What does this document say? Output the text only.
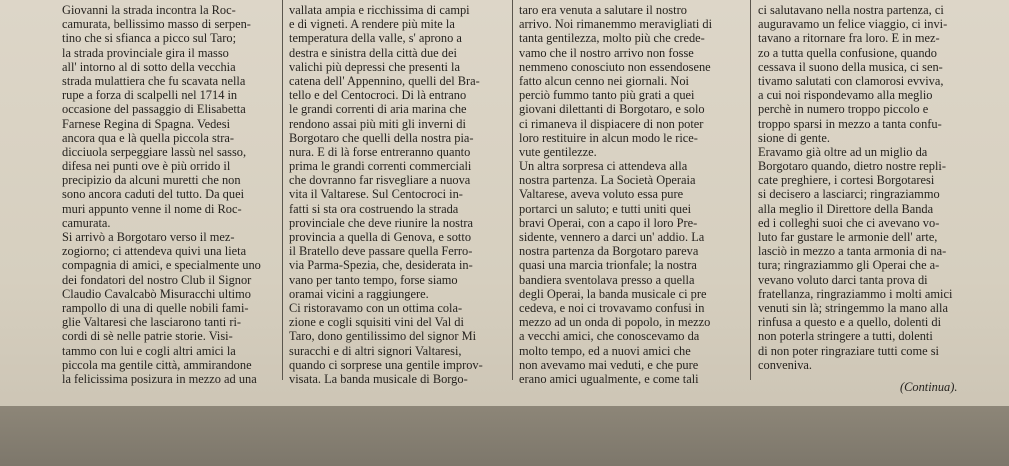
Giovanni la strada incontra la Roc-
camurata, bellissimo masso di serpen-
tino che si sfianca a picco sul Taro;
la strada provinciale gira il masso
all' intorno al di sotto della vecchia
strada mulattiera che fu scavata nella
rupe a forza di scalpelli nel 1714 in
occasione del passaggio di Elisabetta
Farnese Regina di Spagna. Vedesi
ancora qua e là quella piccola stra-
dicciuola serpeggiare lassù nel sasso,
difesa nei punti ove è più orrido il
precipizio da alcuni muretti che non
sono ancora caduti del tutto. Da quei
muri appunto venne il nome di Roc-
camurata.
Si arrivò a Borgotaro verso il mez-
zogiorno; ci attendeva quivi una lieta
compagnia di amici, e specialmente uno
dei fondatori del nostro Club il Signor
Claudio Cavalcabò Misuracchi ultimo
rampollo di una di quelle nobili fami-
glie Valtaresi che lasciarono tanti ri-
cordi di sè nelle patrie storie. Visi-
tammo con lui e cogli altri amici la
piccola ma gentile città, ammirandone
la felicissima posizura in mezzo ad una
vallata ampia e ricchissima di campi
e di vigneti. A rendere più mite la
temperatura della valle, s' aprono a
destra e sinistra della città due dei
valichi più depressi che presenti la
catena dell' Appennino, quelli del Bra-
tello e del Centocroci. Di là entrano
le grandi correnti di aria marina che
rendono assai più miti gli inverni di
Borgotaro che quelli della nostra pia-
nura. E di là forse entreranno quanto
prima le grandi correnti commerciali
che dovranno far risvegliare a nuova
vita il Valtarese. Sul Centocroci in-
fatti si sta ora costruendo la strada
provinciale che deve riunire la nostra
provincia a quella di Genova, e sotto
il Bratello deve passare quella Ferro-
via Parma-Spezia, che, desiderata in-
vano per tanto tempo, forse siamo
oramai vicini a raggiungere.
Ci ristoravamo con un ottima cola-
zione e cogli squisiti vini del Val di
Taro, dono gentilissimo del signor Mi
suracchi e di altri signori Valtaresi,
quando ci sorprese una gentile improv-
visata. La banda musicale di Borgo-
taro era venuta a salutare il nostro
arrivo. Noi rimanemmo meravigliati di
tanta gentilezza, molto più che crede-
vamo che il nostro arrivo non fosse
nemmeno conosciuto non essendosene
fatto alcun cenno nei giornali. Noi
perciò fummo tanto più grati a quei
giovani dilettanti di Borgotaro, e solo
ci rimaneva il dispiacere di non poter
loro restituire in alcun modo le rice-
vute gentilezze.
Un altra sorpresa ci attendeva alla
nostra partenza. La Società Operaia
Valtarese, aveva voluto essa pure
portarci un saluto; e tutti uniti quei
bravi Operai, con a capo il loro Pre-
sidente, vennero a darci un' addio. La
nostra partenza da Borgotaro pareva
quasi una marcia trionfale; la nostra
bandiera sventolava presso a quella
degli Operai, la banda musicale ci pre
cedeva, e noi ci trovavamo confusi in
mezzo ad un onda di popolo, in mezzo
a vecchi amici, che conoscevamo da
molto tempo, ed a nuovi amici che
non avevamo mai veduti, e che pure
erano amici ugualmente, e come tali
ci salutavano nella nostra partenza, ci
auguravamo un felice viaggio, ci invi-
tavano a ritornare fra loro. E in mez-
zo a tutta quella confusione, quando
cessava il suono della musica, ci sen-
tivamo salutati con clamorosi evviva,
a cui noi rispondevamo alla meglio
perchè in numero troppo piccolo e
troppo sparsi in mezzo a tanta confu-
sione di gente.
Eravamo già oltre ad un miglio da
Borgotaro quando, dietro nostre repli-
cate preghiere, i cortesi Borgotaresi
si decisero a lasciarci; ringraziammo
alla meglio il Direttore della Banda
ed i colleghi suoi che ci avevano vo-
luto far gustare le armonie dell' arte,
lasciò in mezzo a tanta armonia di na-
tura; ringraziammo gli Operai che a-
vevano voluto darci tanta prova di
fratellanza, ringraziammo i molti amici
venuti sin là; stringemmo la mano alla
rinfusa a questo e a quello, dolenti di
non poterla stringere a tutti, dolenti
di non poter ringraziare tutti come si
conveniva.
(Continua).
